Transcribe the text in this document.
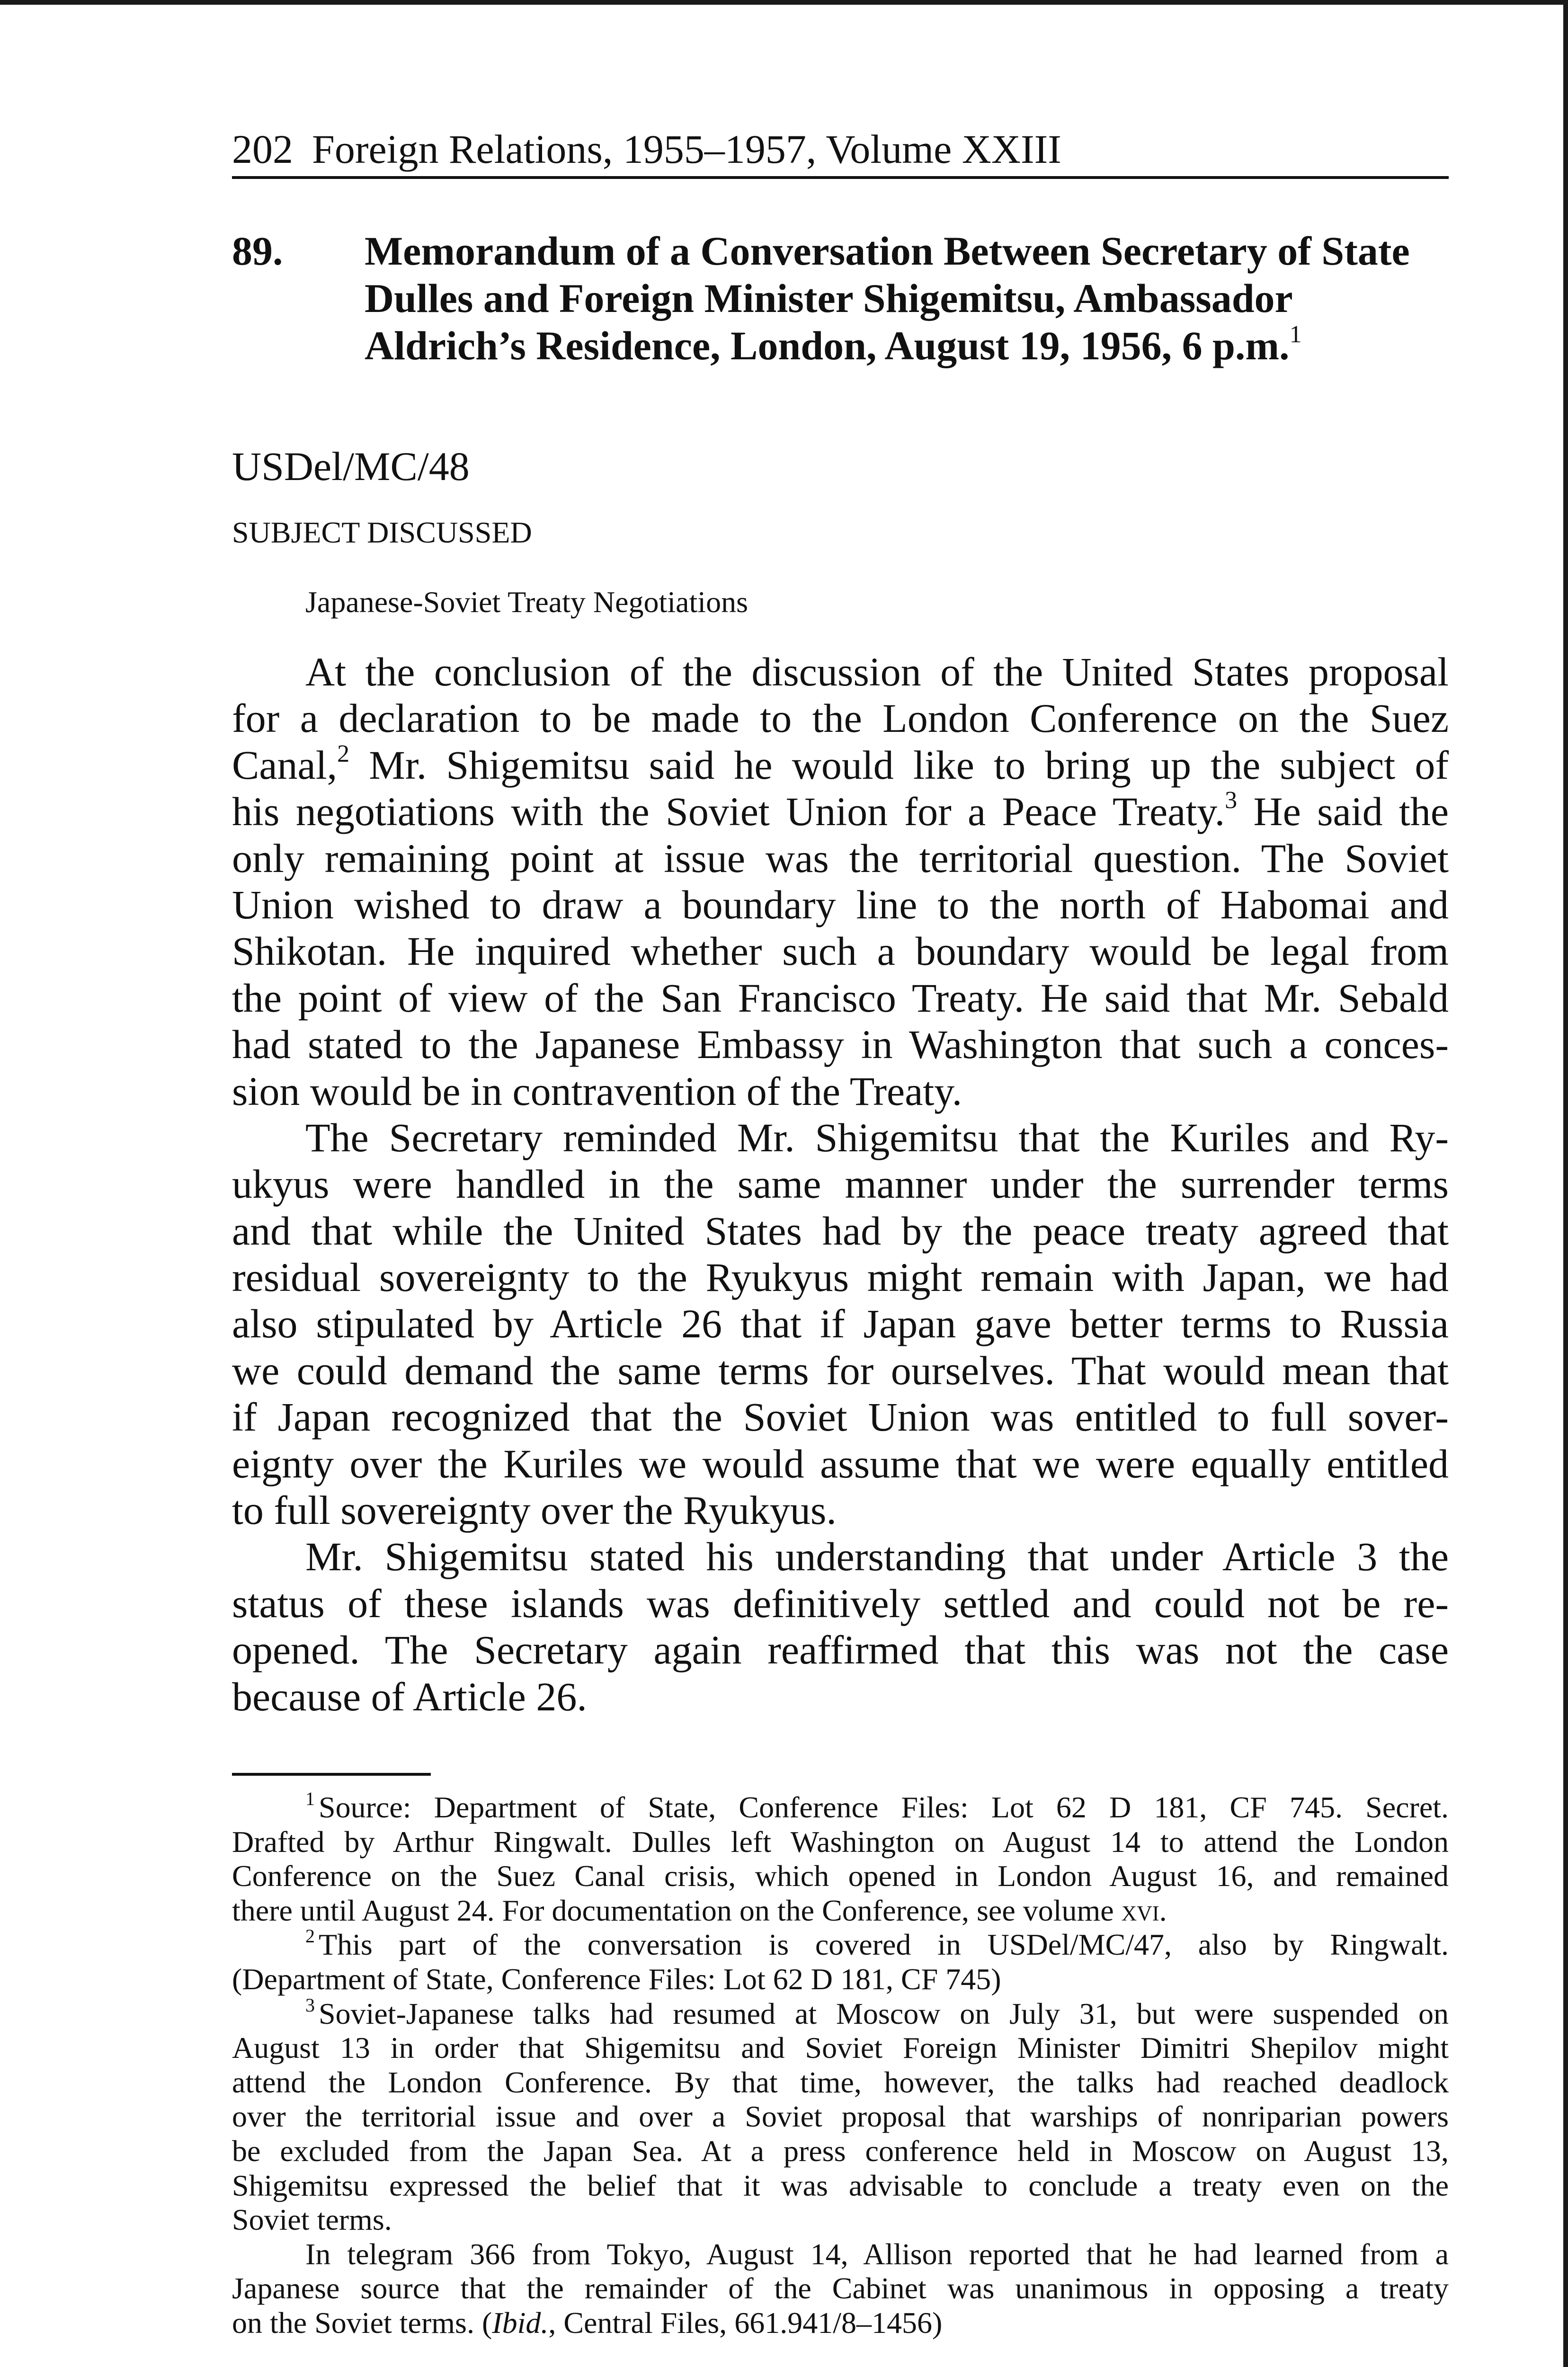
202 Foreign Relations, 1955–1957, Volume XXIII
89. Memorandum of a Conversation Between Secretary of State
Dulles and Foreign Minister Shigemitsu, Ambassador
Aldrich’s Residence, London, August 19, 1956, 6 p.m.$^1$
USDel/MC/48
SUBJECT DISCUSSED
Japanese-Soviet Treaty Negotiations
At the conclusion of the discussion of the United States proposal
for a declaration to be made to the London Conference on the Suez
Canal,$^2$ Mr. Shigemitsu said he would like to bring up the subject of
his negotiations with the Soviet Union for a Peace Treaty.$^3$ He said the
only remaining point at issue was the territorial question. The Soviet
Union wished to draw a boundary line to the north of Habomai and
Shikotan. He inquired whether such a boundary would be legal from
the point of view of the San Francisco Treaty. He said that Mr. Sebald
had stated to the Japanese Embassy in Washington that such a conces-
sion would be in contravention of the Treaty.
The Secretary reminded Mr. Shigemitsu that the Kuriles and Ry-
ukyus were handled in the same manner under the surrender terms
and that while the United States had by the peace treaty agreed that
residual sovereignty to the Ryukyus might remain with Japan, we had
also stipulated by Article 26 that if Japan gave better terms to Russia
we could demand the same terms for ourselves. That would mean that
if Japan recognized that the Soviet Union was entitled to full sover-
eignty over the Kuriles we would assume that we were equally entitled
to full sovereignty over the Ryukyus.
Mr. Shigemitsu stated his understanding that under Article 3 the
status of these islands was definitively settled and could not be re-
opened. The Secretary again reaffirmed that this was not the case
because of Article 26.
$^1$ Source: Department of State, Conference Files: Lot 62 D 181, CF 745. Secret.
Drafted by Arthur Ringwalt. Dulles left Washington on August 14 to attend the London
Conference on the Suez Canal crisis, which opened in London August 16, and remained
there until August 24. For documentation on the Conference, see volume xvi.
$^2$ This part of the conversation is covered in USDel/MC/47, also by Ringwalt.
(Department of State, Conference Files: Lot 62 D 181, CF 745)
$^3$ Soviet-Japanese talks had resumed at Moscow on July 31, but were suspended on
August 13 in order that Shigemitsu and Soviet Foreign Minister Dimitri Shepilov might
attend the London Conference. By that time, however, the talks had reached deadlock
over the territorial issue and over a Soviet proposal that warships of nonriparian powers
be excluded from the Japan Sea. At a press conference held in Moscow on August 13,
Shigemitsu expressed the belief that it was advisable to conclude a treaty even on the
Soviet terms.
In telegram 366 from Tokyo, August 14, Allison reported that he had learned from a
Japanese source that the remainder of the Cabinet was unanimous in opposing a treaty
on the Soviet terms. (Ibid., Central Files, 661.941/8–1456)
